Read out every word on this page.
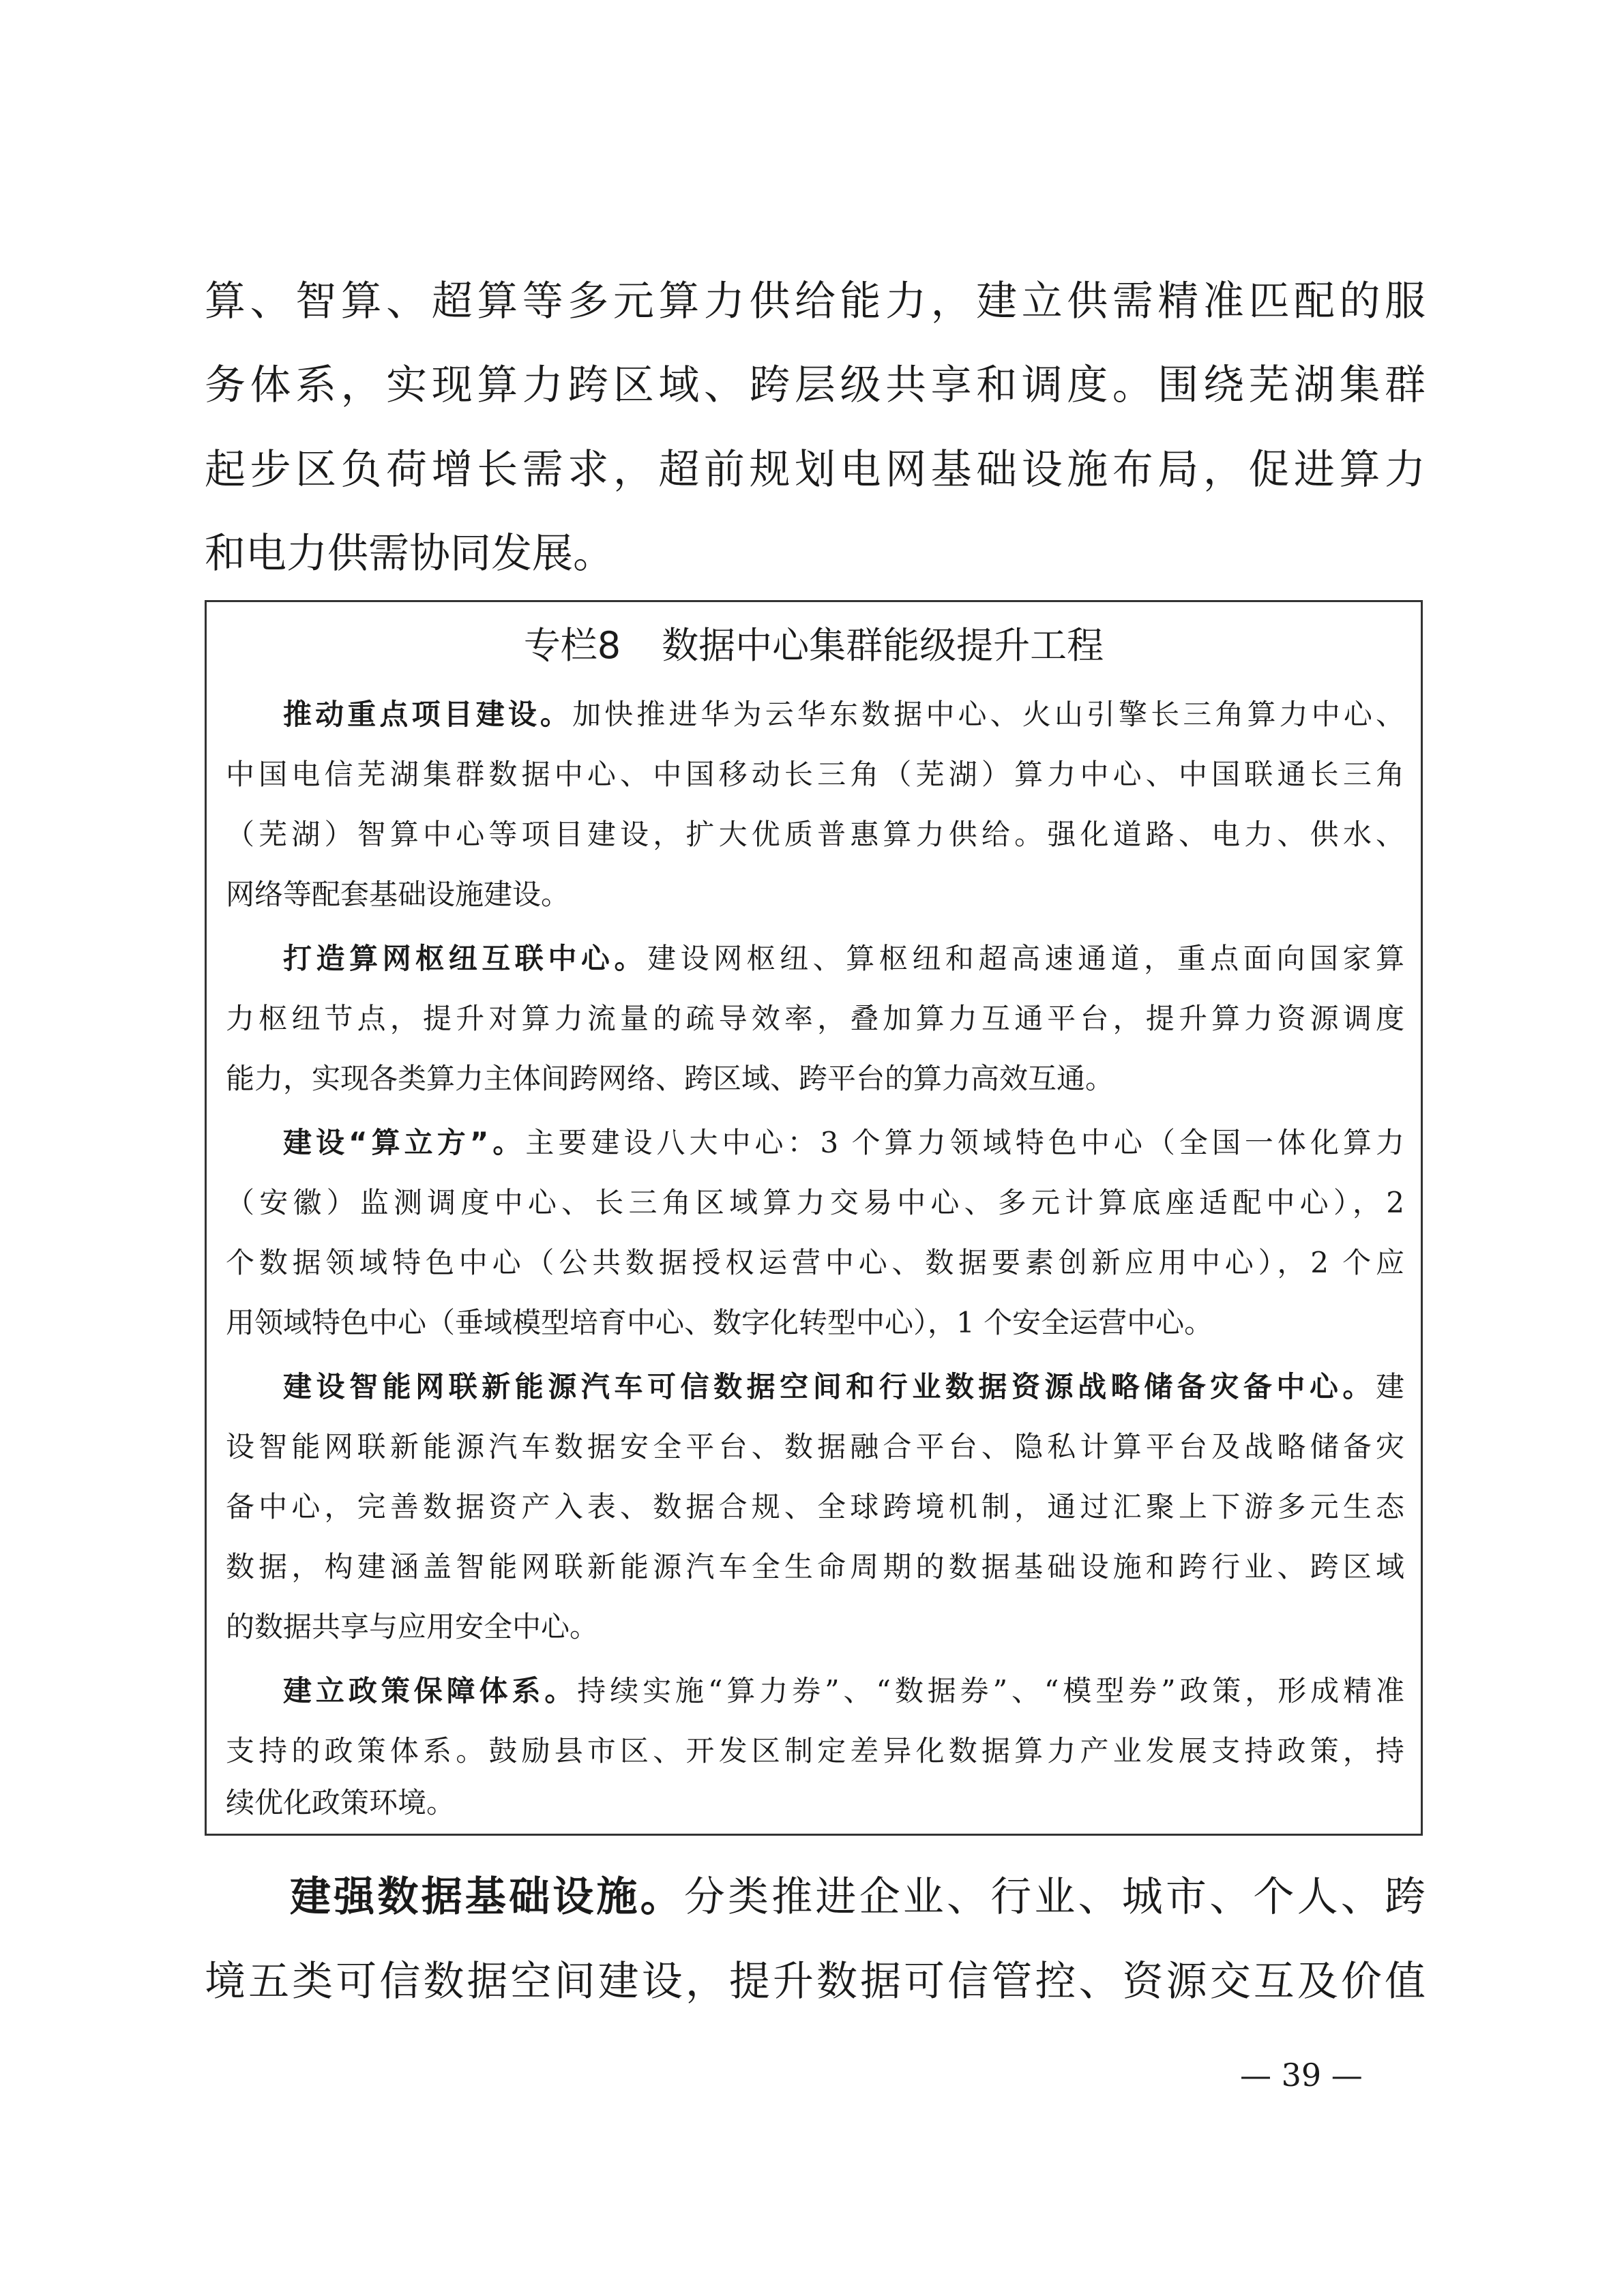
算、智算、超算等多元算力供给能力，建立供需精准匹配的服
务体系，实现算力跨区域、跨层级共享和调度。围绕芜湖集群
起步区负荷增长需求，超前规划电网基础设施布局，促进算力
和电力供需协同发展。
专栏8 数据中心集群能级提升工程
推动重点项目建设。加快推进华为云华东数据中心、火山引擎长三角算力中心、
中国电信芜湖集群数据中心、中国移动长三角（芜湖）算力中心、中国联通长三角
（芜湖）智算中心等项目建设，扩大优质普惠算力供给。强化道路、电力、供水、
网络等配套基础设施建设。
打造算网枢纽互联中心。建设网枢纽、算枢纽和超高速通道，重点面向国家算
力枢纽节点，提升对算力流量的疏导效率，叠加算力互通平台，提升算力资源调度
能力，实现各类算力主体间跨网络、跨区域、跨平台的算力高效互通。
建设“算立方”。主要建设八大中心：3 个算力领域特色中心（全国一体化算力
（安徽）监测调度中心、长三角区域算力交易中心、多元计算底座适配中心），2
个数据领域特色中心（公共数据授权运营中心、数据要素创新应用中心），2 个应
用领域特色中心（垂域模型培育中心、数字化转型中心），1 个安全运营中心。
建设智能网联新能源汽车可信数据空间和行业数据资源战略储备灾备中心。建
设智能网联新能源汽车数据安全平台、数据融合平台、隐私计算平台及战略储备灾
备中心，完善数据资产入表、数据合规、全球跨境机制，通过汇聚上下游多元生态
数据，构建涵盖智能网联新能源汽车全生命周期的数据基础设施和跨行业、跨区域
的数据共享与应用安全中心。
建立政策保障体系。持续实施“算力券”、“数据券”、“模型券”政策，形成精准
支持的政策体系。鼓励县市区、开发区制定差异化数据算力产业发展支持政策，持
续优化政策环境。
建强数据基础设施。分类推进企业、行业、城市、个人、跨
境五类可信数据空间建设，提升数据可信管控、资源交互及价值
— 39 —
